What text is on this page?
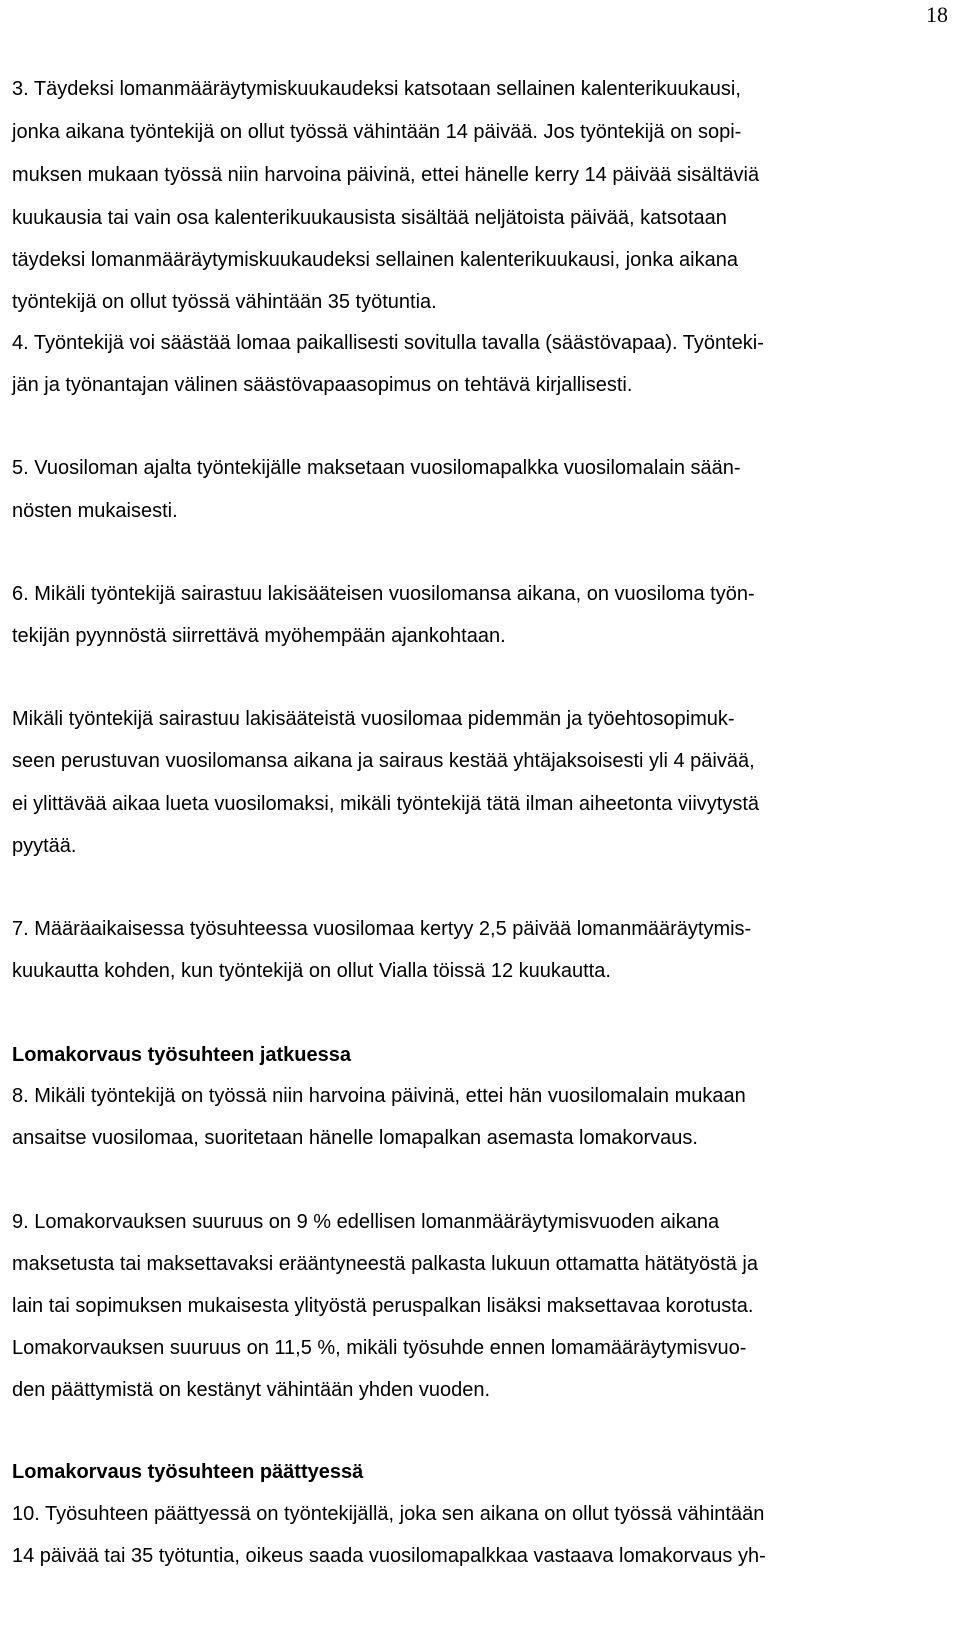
18
3. Täydeksi lomanmääräytymiskuukaudeksi katsotaan sellainen kalenterikuukausi,
jonka aikana työntekijä on ollut työssä vähintään 14 päivää. Jos työntekijä on sopi-
muksen mukaan työssä niin harvoina päivinä, ettei hänelle kerry 14 päivää sisältäviä
kuukausia tai vain osa kalenterikuukausista sisältää neljätoista päivää, katsotaan
täydeksi lomanmääräytymiskuukaudeksi sellainen kalenterikuukausi, jonka aikana
työntekijä on ollut työssä vähintään 35 työtuntia.
4. Työntekijä voi säästää lomaa paikallisesti sovitulla tavalla (säästövapaa). Työnteki-
jän ja työnantajan välinen säästövapaasopimus on tehtävä kirjallisesti.
5. Vuosiloman ajalta työntekijälle maksetaan vuosilomapalkka vuosilomalain sään-
nösten mukaisesti.
6. Mikäli työntekijä sairastuu lakisääteisen vuosilomansa aikana, on vuosiloma työn-
tekijän pyynnöstä siirrettävä myöhempään ajankohtaan.
Mikäli työntekijä sairastuu lakisääteistä vuosilomaa pidemmän ja työehtosopimuk-
seen perustuvan vuosilomansa aikana ja sairaus kestää yhtäjaksoisesti yli 4 päivää,
ei ylittävää aikaa lueta vuosilomaksi, mikäli työntekijä tätä ilman aiheetonta viivytystä
pyytää.
7. Määräaikaisessa työsuhteessa vuosilomaa kertyy 2,5 päivää lomanmääräytymis-
kuukautta kohden, kun työntekijä on ollut Vialla töissä 12 kuukautta.
Lomakorvaus työsuhteen jatkuessa
8. Mikäli työntekijä on työssä niin harvoina päivinä, ettei hän vuosilomalain mukaan
ansaitse vuosilomaa, suoritetaan hänelle lomapalkan asemasta lomakorvaus.
9. Lomakorvauksen suuruus on 9 % edellisen lomanmääräytymisvuoden aikana
maksetusta tai maksettavaksi erääntyneestä palkasta lukuun ottamatta hätätyöstä ja
lain tai sopimuksen mukaisesta ylityöstä peruspalkan lisäksi maksettavaa korotusta.
Lomakorvauksen suuruus on 11,5 %, mikäli työsuhde ennen lomamääräytymisvuo-
den päättymistä on kestänyt vähintään yhden vuoden.
Lomakorvaus työsuhteen päättyessä
10. Työsuhteen päättyessä on työntekijällä, joka sen aikana on ollut työssä vähintään
14 päivää tai 35 työtuntia, oikeus saada vuosilomapalkkaa vastaava lomakorvaus yh-
